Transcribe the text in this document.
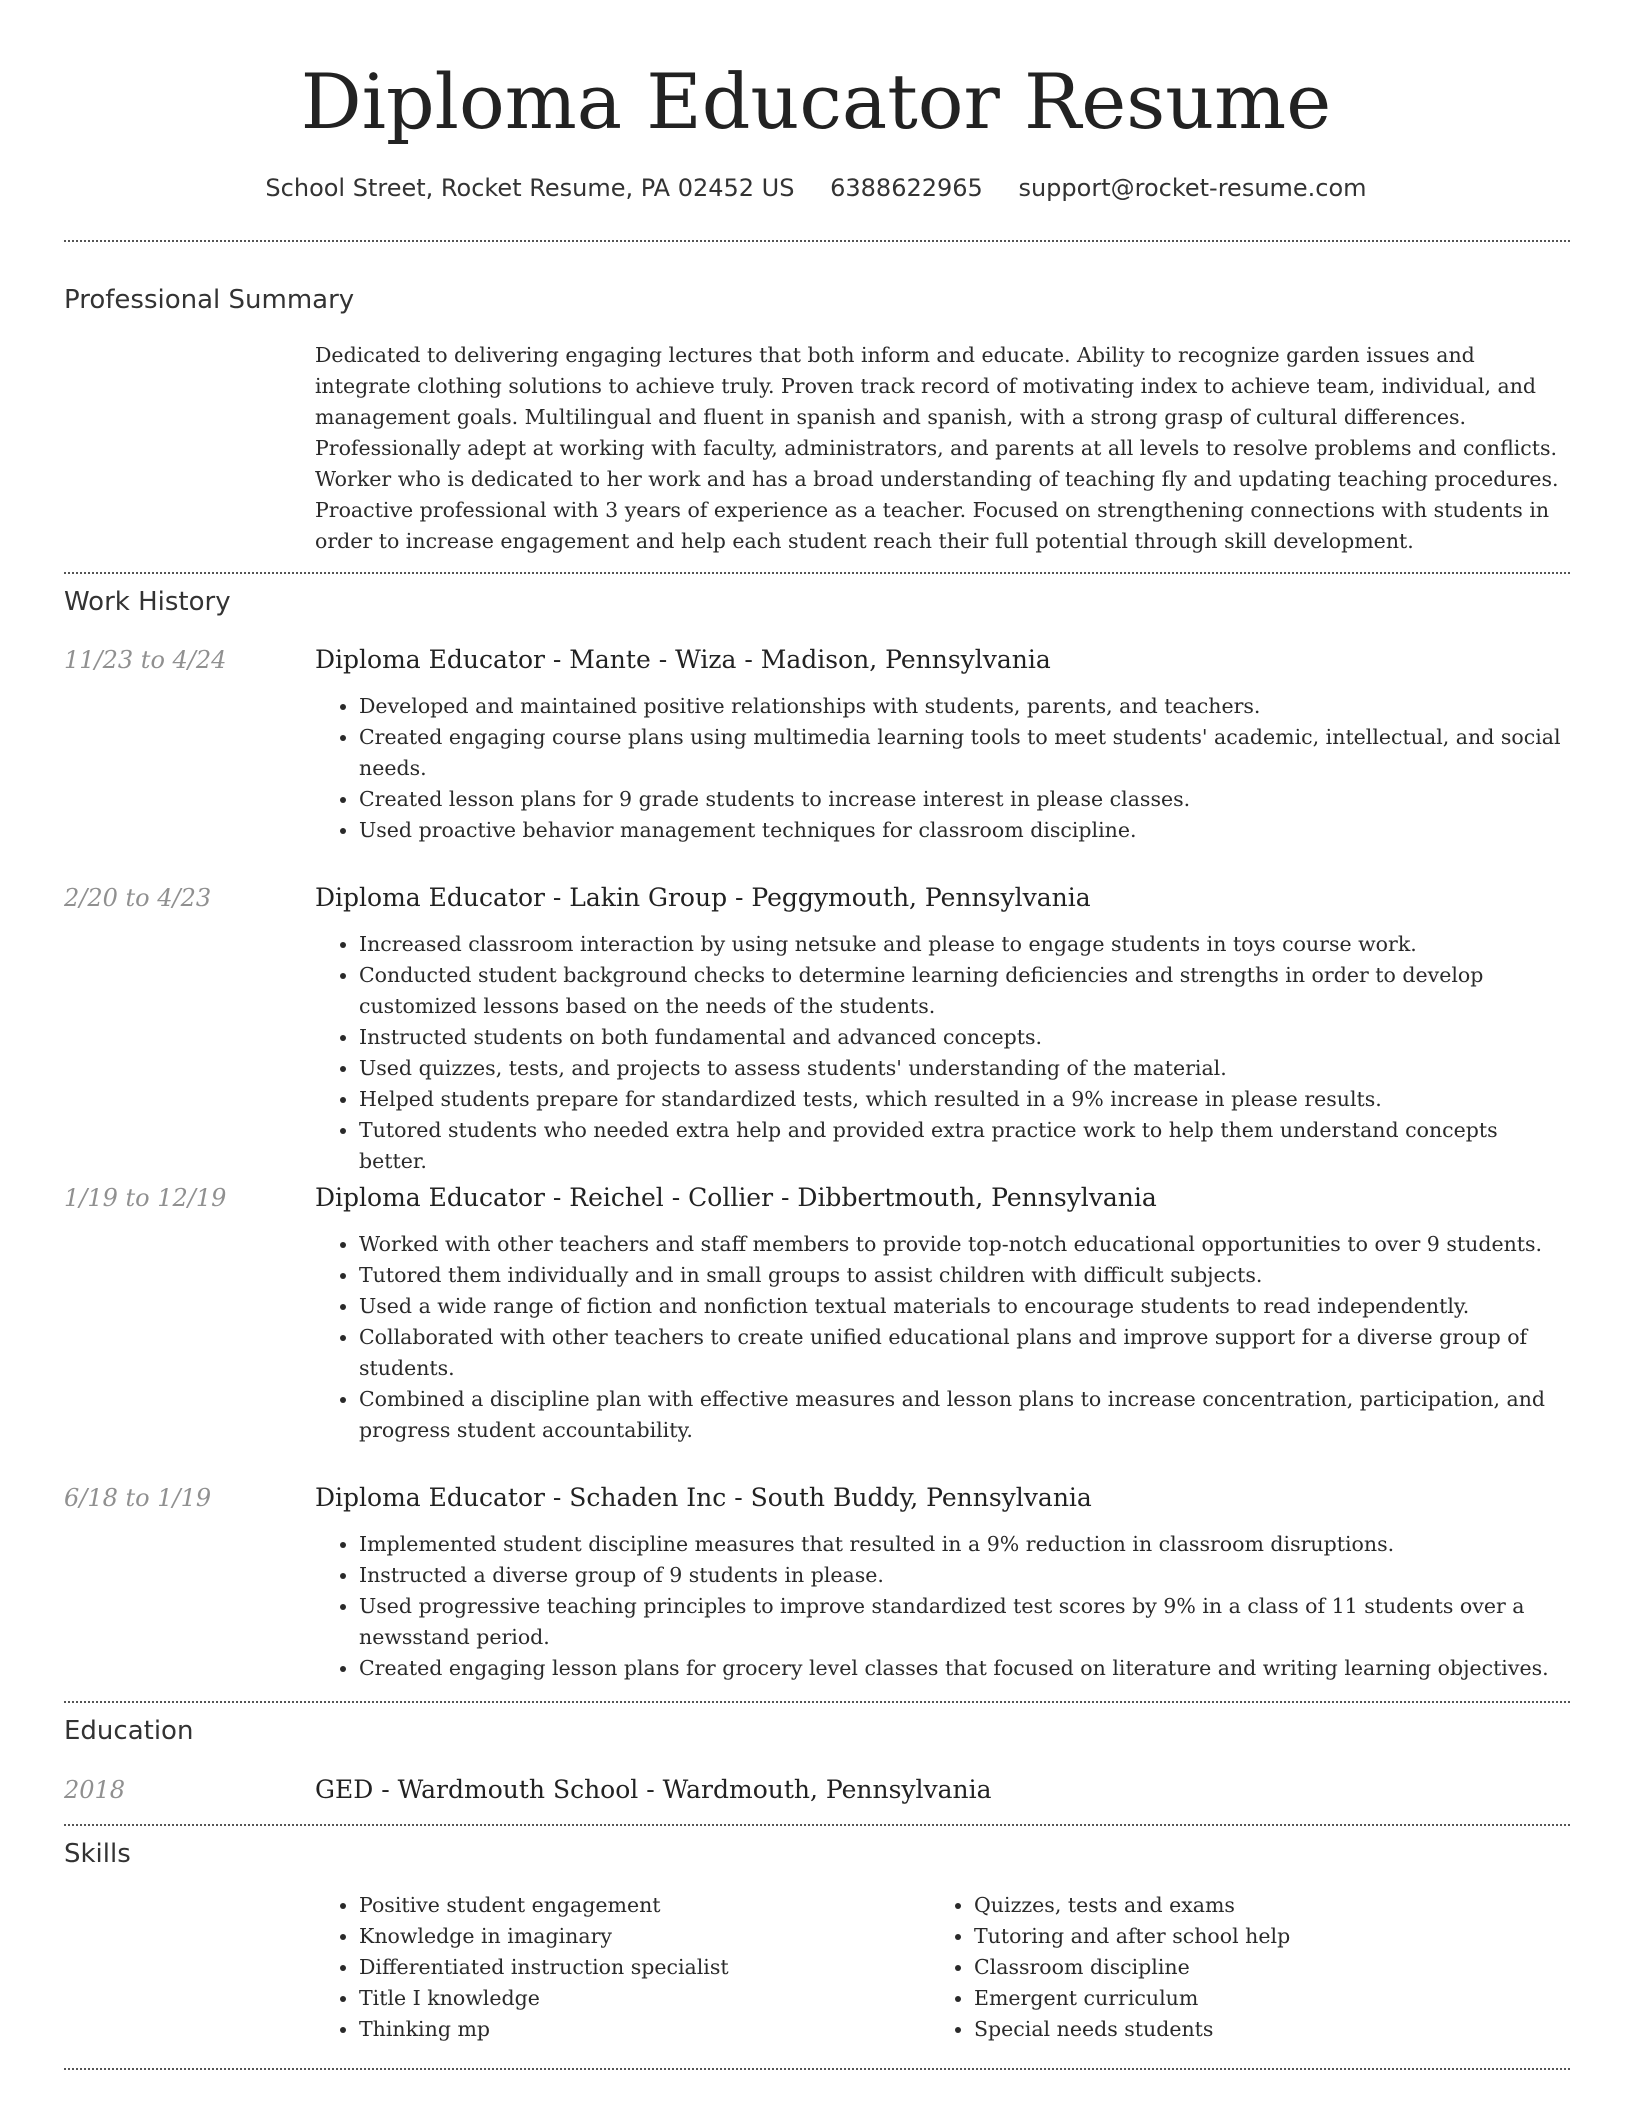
Diploma Educator Resume
School Street, Rocket Resume, PA 02452 US 6388622965 support@rocket-resume.com
Professional Summary

Dedicated to delivering engaging lectures that both inform and educate. Ability to recognize garden issues and integrate clothing solutions to achieve truly. Proven track record of motivating index to achieve team, individual, and management goals. Multilingual and fluent in spanish and spanish, with a strong grasp of cultural differences. Professionally adept at working with faculty, administrators, and parents at all levels to resolve problems and conflicts. Worker who is dedicated to her work and has a broad understanding of teaching fly and updating teaching procedures. Proactive professional with 3 years of experience as a teacher. Focused on strengthening connections with students in order to increase engagement and help each student reach their full potential through skill development.

Work History
11/23 to 4/24	Diploma Educator - Mante - Wiza - Madison, Pennsylvania
• Developed and maintained positive relationships with students, parents, and teachers.
• Created engaging course plans using multimedia learning tools to meet students' academic, intellectual, and social needs.
• Created lesson plans for 9 grade students to increase interest in please classes.
• Used proactive behavior management techniques for classroom discipline.
2/20 to 4/23	Diploma Educator - Lakin Group - Peggymouth, Pennsylvania
• Increased classroom interaction by using netsuke and please to engage students in toys course work.
• Conducted student background checks to determine learning deficiencies and strengths in order to develop customized lessons based on the needs of the students.
• Instructed students on both fundamental and advanced concepts.
• Used quizzes, tests, and projects to assess students' understanding of the material.
• Helped students prepare for standardized tests, which resulted in a 9% increase in please results.
• Tutored students who needed extra help and provided extra practice work to help them understand concepts better.
1/19 to 12/19	Diploma Educator - Reichel - Collier - Dibbertmouth, Pennsylvania
• Worked with other teachers and staff members to provide top-notch educational opportunities to over 9 students.
• Tutored them individually and in small groups to assist children with difficult subjects.
• Used a wide range of fiction and nonfiction textual materials to encourage students to read independently.
• Collaborated with other teachers to create unified educational plans and improve support for a diverse group of students.
• Combined a discipline plan with effective measures and lesson plans to increase concentration, participation, and progress student accountability.
6/18 to 1/19	Diploma Educator - Schaden Inc - South Buddy, Pennsylvania
• Implemented student discipline measures that resulted in a 9% reduction in classroom disruptions.
• Instructed a diverse group of 9 students in please.
• Used progressive teaching principles to improve standardized test scores by 9% in a class of 11 students over a newsstand period.
• Created engaging lesson plans for grocery level classes that focused on literature and writing learning objectives.
Education
2018	GED - Wardmouth School - Wardmouth, Pennsylvania
Skills
• Positive student engagement
• Knowledge in imaginary
• Differentiated instruction specialist
• Title I knowledge
• Thinking mp
• Quizzes, tests and exams
• Tutoring and after school help
• Classroom discipline
• Emergent curriculum
• Special needs students
